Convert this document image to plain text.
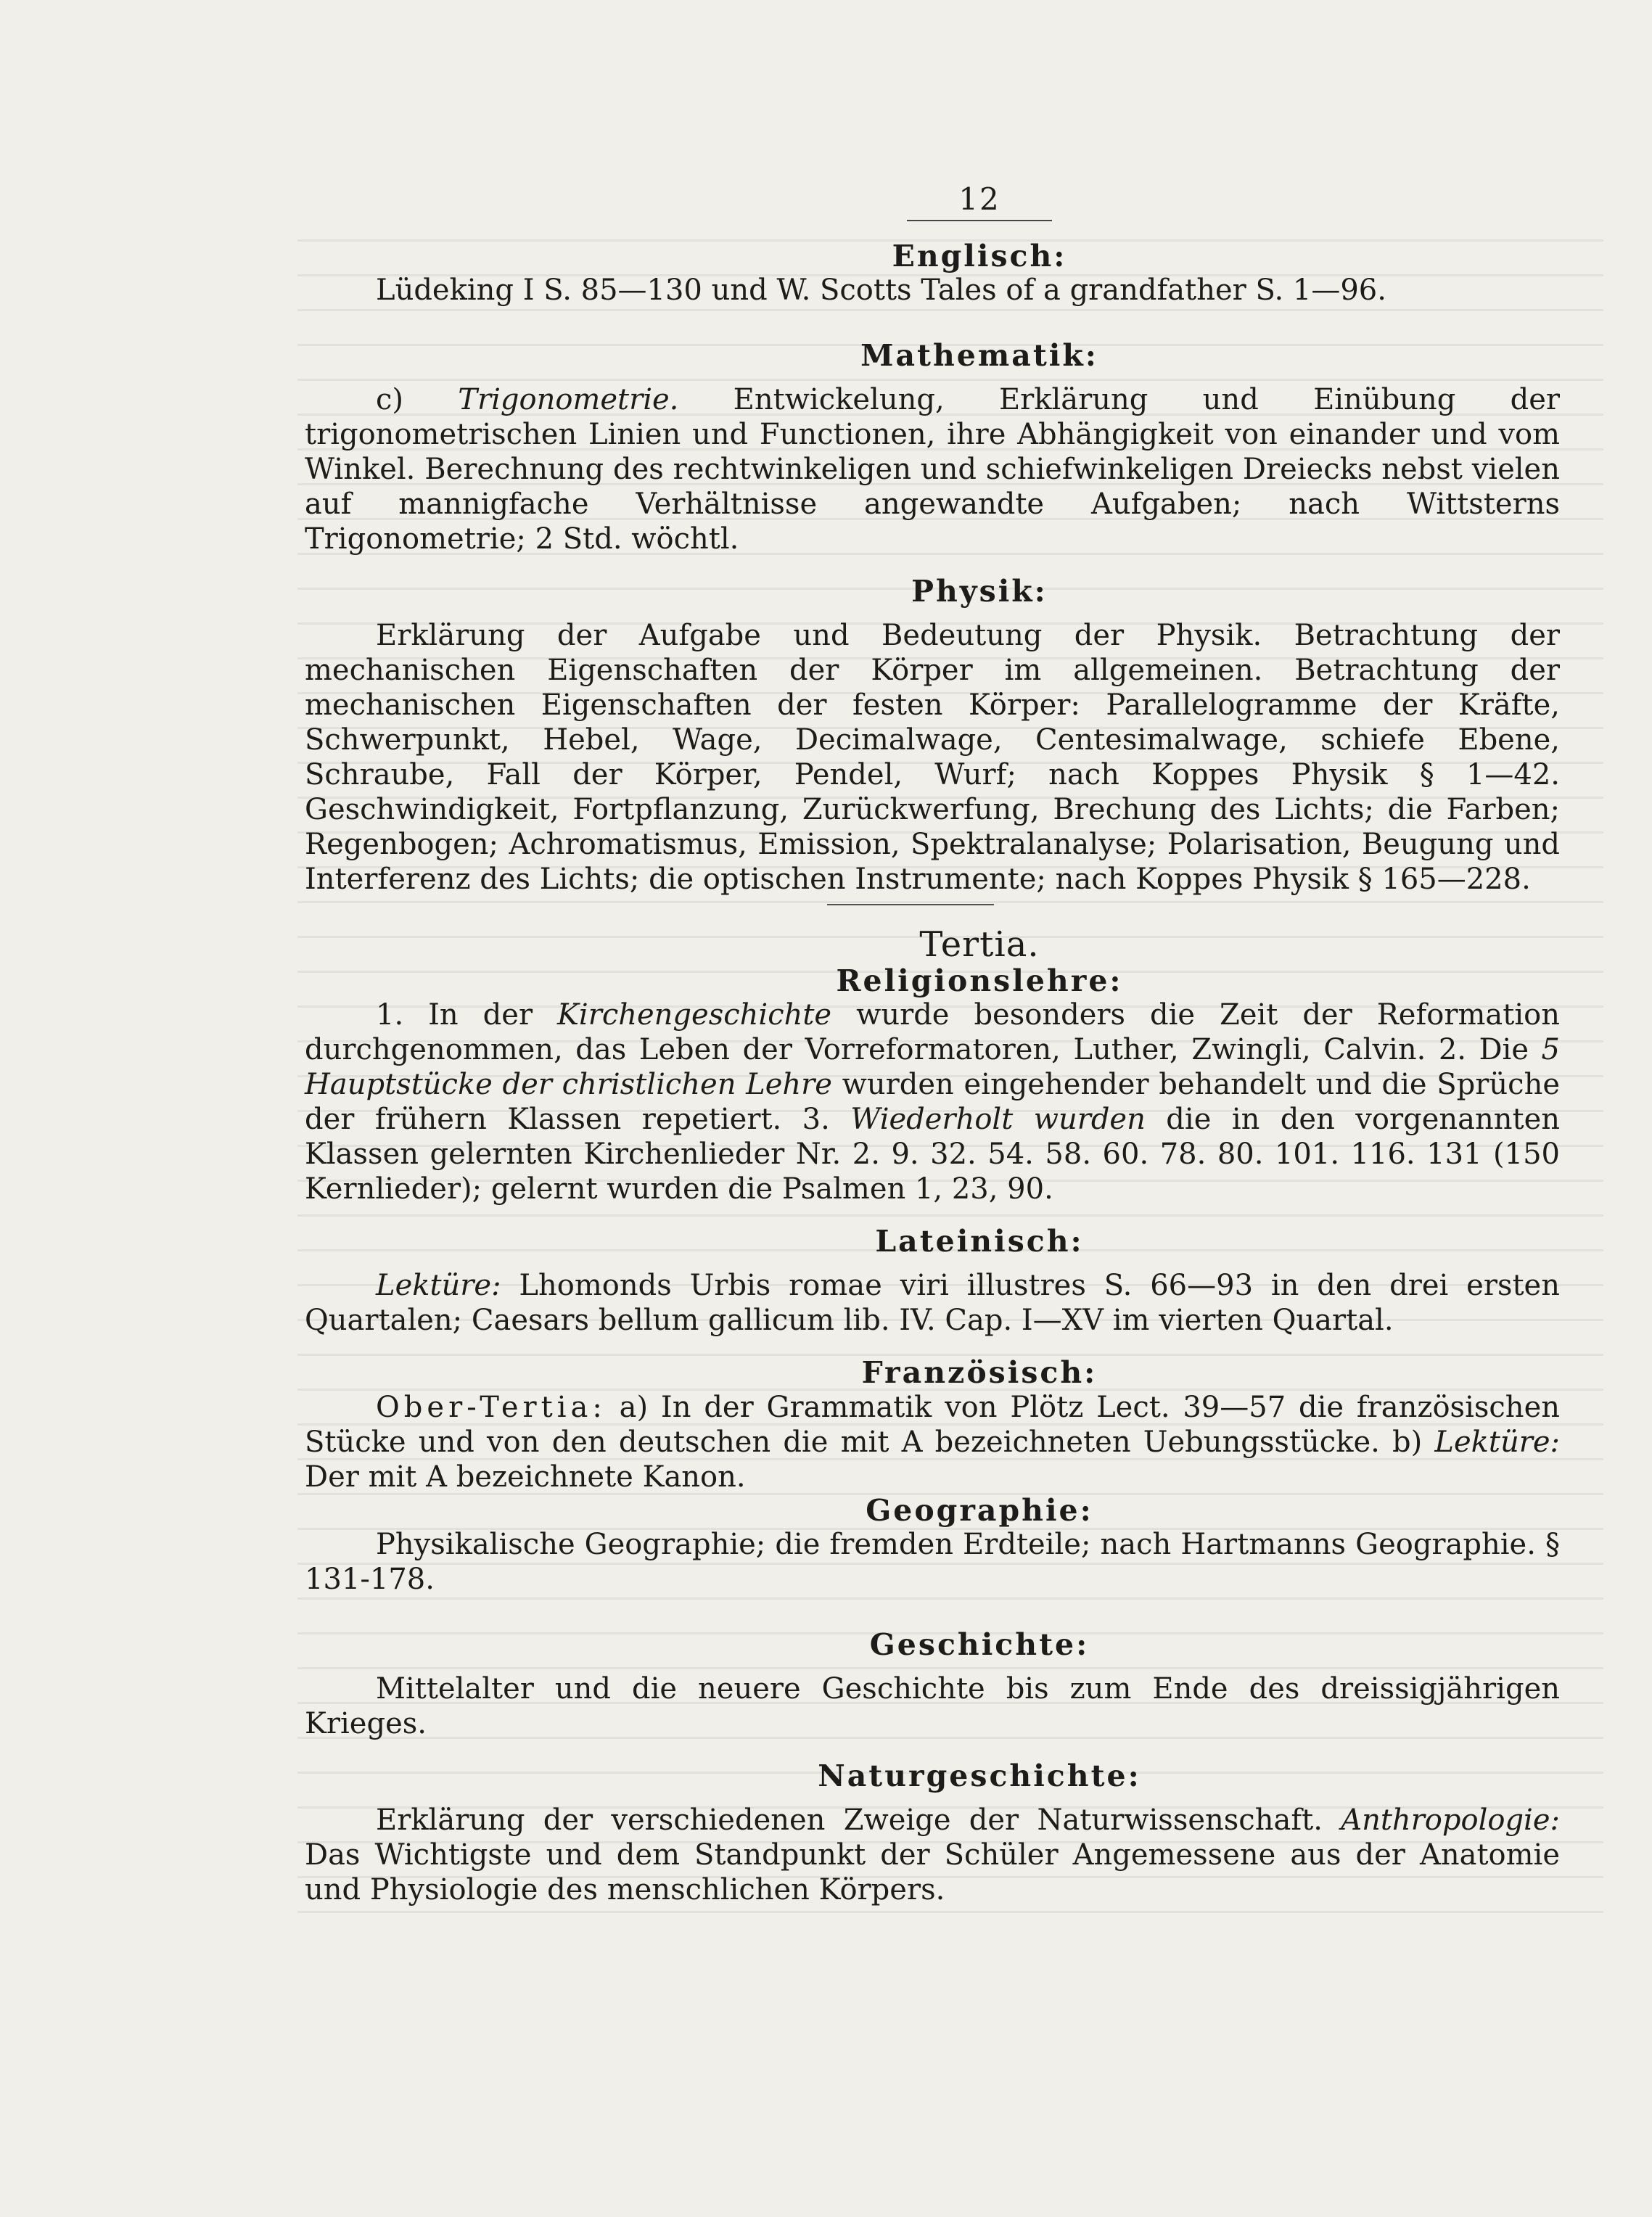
12
Englisch:
Lüdeking I S. 85—130 und W. Scotts Tales of a grandfather S. 1—96.
Mathematik:
c) Trigonometrie. Entwickelung, Erklärung und Einübung der trigonometrischen Linien und Functionen, ihre Abhängigkeit von einander und vom Winkel. Berechnung des rechtwinkeligen und schiefwinkeligen Dreiecks nebst vielen auf mannigfache Verhältnisse angewandte Aufgaben; nach Wittsterns Trigonometrie; 2 Std. wöchtl.
Physik:
Erklärung der Aufgabe und Bedeutung der Physik. Betrachtung der mechanischen Eigenschaften der Körper im allgemeinen. Betrachtung der mechanischen Eigenschaften der festen Körper: Parallelogramme der Kräfte, Schwerpunkt, Hebel, Wage, Decimalwage, Centesimalwage, schiefe Ebene, Schraube, Fall der Körper, Pendel, Wurf; nach Koppes Physik § 1—42. Geschwindigkeit, Fortpflanzung, Zurückwerfung, Brechung des Lichts; die Farben; Regenbogen; Achromatismus, Emission, Spektralanalyse; Polarisation, Beugung und Interferenz des Lichts; die optischen Instrumente; nach Koppes Physik § 165—228.
Tertia.
Religionslehre:
1. In der Kirchengeschichte wurde besonders die Zeit der Reformation durchgenommen, das Leben der Vorreformatoren, Luther, Zwingli, Calvin. 2. Die 5 Hauptstücke der christlichen Lehre wurden eingehender behandelt und die Sprüche der frühern Klassen repetiert. 3. Wiederholt wurden die in den vorgenannten Klassen gelernten Kirchenlieder Nr. 2. 9. 32. 54. 58. 60. 78. 80. 101. 116. 131 (150 Kernlieder); gelernt wurden die Psalmen 1, 23, 90.
Lateinisch:
Lektüre: Lhomonds Urbis romae viri illustres S. 66—93 in den drei ersten Quartalen; Caesars bellum gallicum lib. IV. Cap. I—XV im vierten Quartal.
Französisch:
Ober-Tertia: a) In der Grammatik von Plötz Lect. 39—57 die französischen Stücke und von den deutschen die mit A bezeichneten Uebungsstücke. b) Lektüre: Der mit A bezeichnete Kanon.
Geographie:
Physikalische Geographie; die fremden Erdteile; nach Hartmanns Geographie. § 131-178.
Geschichte:
Mittelalter und die neuere Geschichte bis zum Ende des dreissigjährigen Krieges.
Naturgeschichte:
Erklärung der verschiedenen Zweige der Naturwissenschaft. Anthropologie: Das Wichtigste und dem Standpunkt der Schüler Angemessene aus der Anatomie und Physiologie des menschlichen Körpers.
